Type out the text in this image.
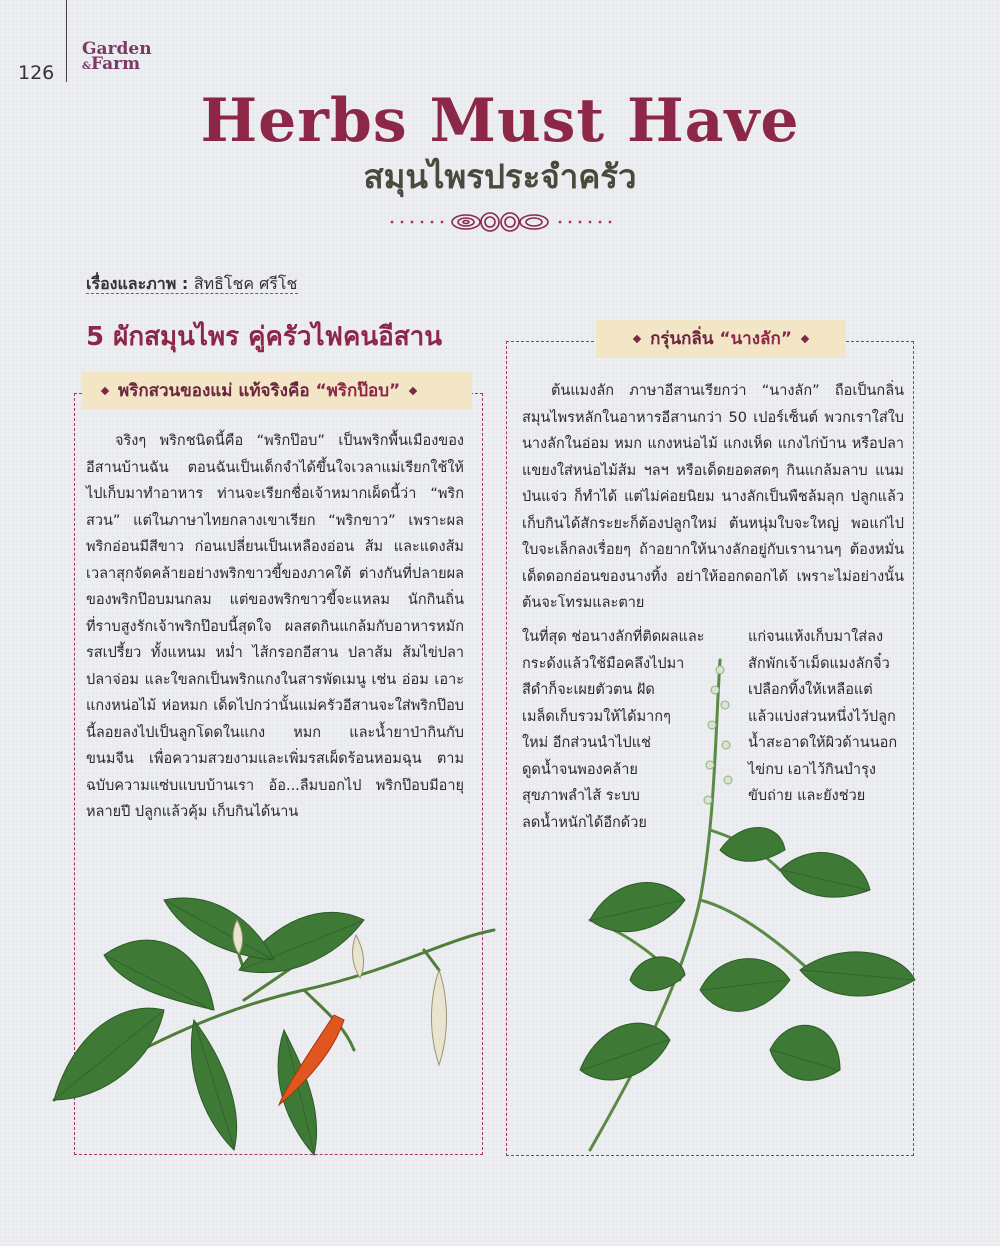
126
Garden
&Farm
Herbs Must Have
สมุนไพรประจำครัว
เรื่องและภาพ : สิทธิโชค ศรีโช
5 ผักสมุนไพร คู่ครัวไฟคนอีสาน
พริกสวนของแม่ แท้จริงคือ “พริกป๊อบ”
กรุ่นกลิ่น “นางลัก”
จริงๆ พริกชนิดนี้คือ “พริกป๊อบ” เป็นพริกพื้นเมืองของอีสานบ้านฉัน ตอนฉันเป็นเด็กจำได้ขึ้นใจเวลาแม่เรียกใช้ให้ไปเก็บมาทำอาหาร ท่านจะเรียกชื่อเจ้าหมากเผ็ดนี้ว่า “พริกสวน” แต่ในภาษาไทยกลางเขาเรียก “พริกขาว” เพราะผลพริกอ่อนมีสีขาว ก่อนเปลี่ยนเป็นเหลืองอ่อน ส้ม และแดงส้ม เวลาสุกจัดคล้ายอย่างพริกขาวขี้ของภาคใต้ ต่างกันที่ปลายผลของพริกป๊อบมนกลม แต่ของพริกขาวขี้จะแหลม นักกินถิ่นที่ราบสูงรักเจ้าพริกป๊อบนี้สุดใจ ผลสดกินแกล้มกับอาหารหมักรสเปรี้ยว ทั้งแหนม หม่ำ ไส้กรอกอีสาน ปลาส้ม ส้มไข่ปลา ปลาจ่อม และใขลกเป็นพริกแกงในสารพัดเมนู เช่น อ่อม เอาะ แกงหน่อไม้ ห่อหมก เด็ดไปกว่านั้นแม่ครัวอีสานจะใส่พริกป๊อบนี้ลอยลงไปเป็นลูกโดดในแกง หมก และน้ำยาป่ากินกับขนมจีน เพื่อความสวยงามและเพิ่มรสเผ็ดร้อนหอมฉุน ตามฉบับความแซ่บแบบบ้านเรา อ้อ...ลืมบอกไป พริกป๊อบมีอายุหลายปี ปลูกแล้วคุ้ม เก็บกินได้นาน
ต้นแมงลัก ภาษาอีสานเรียกว่า “นางลัก” ถือเป็นกลิ่นสมุนไพรหลักในอาหารอีสานกว่า 50 เปอร์เซ็นต์ พวกเราใส่ใบนางลักในอ่อม หมก แกงหน่อไม้ แกงเห็ด แกงไก่บ้าน หรือปลาแขยงใส่หน่อไม้ส้ม ฯลฯ หรือเด็ดยอดสดๆ กินแกล้มลาบ แนมป่นแจ่ว ก็ทำได้ แต่ไม่ค่อยนิยม นางลักเป็นพืชล้มลุก ปลูกแล้วเก็บกินได้สักระยะก็ต้องปลูกใหม่ ต้นหนุ่มใบจะใหญ่ พอแก่ไปใบจะเล็กลงเรื่อยๆ ถ้าอยากให้นางลักอยู่กับเรานานๆ ต้องหมั่นเด็ดดอกอ่อนของนางทิ้ง อย่าให้ออกดอกได้ เพราะไม่อย่างนั้นต้นจะโทรมและตาย
ในที่สุด ช่อนางลักที่ติดผลและ
กระด้งแล้วใช้มือคลึงไปมา
สีดำก็จะเผยตัวตน ฝัด
เมล็ดเก็บรวมให้ได้มากๆ
ใหม่ อีกส่วนนำไปแช่
ดูดน้ำจนพองคล้าย
สุขภาพลำไส้ ระบบ
ลดน้ำหนักได้อีกด้วย
แก่จนแห้งเก็บมาใส่ลง
สักพักเจ้าเม็ดแมงลักจิ๋ว
เปลือกทิ้งให้เหลือแต่
แล้วแบ่งส่วนหนึ่งไว้ปลูก
น้ำสะอาดให้ผิวด้านนอก
ไข่กบ เอาไว้กินบำรุง
ขับถ่าย และยังช่วย
